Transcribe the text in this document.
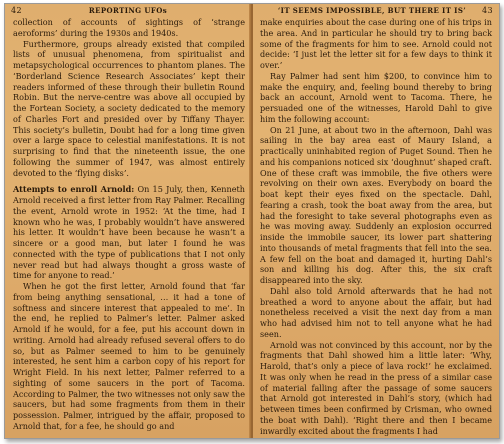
42	REPORTING UFOs

collection of accounts of sightings of ‘strange aeroforms’ during the 1930s and 1940s.

Furthermore, groups already existed that compiled lists of unusual phenomena, from spiritualist and metapsychological occurrences to phantom planes. The ‘Borderland Science Research Associates’ kept their readers informed of these through their bulletin Round Robin. But the nerve-centre was above all occupied by the Fortean Society, a society dedicated to the memory of Charles Fort and presided over by Tiffany Thayer. This society’s bulletin, Doubt had for a long time given over a large space to celestial manifestations. It is not surprising to find that the nineteenth issue, the one following the summer of 1947, was almost entirely devoted to the ‘flying disks’.

Attempts to enroll Arnold: On 15 July, then, Kenneth Arnold received a first letter from Ray Palmer. Recalling the event, Arnold wrote in 1952: ‘At the time, had I known who he was, I probably wouldn’t have answered his letter. It wouldn’t have been because he wasn’t a sincere or a good man, but later I found he was connected with the type of publications that I not only never read but had always thought a gross waste of time for anyone to read.’

When he got the first letter, Arnold found that ‘far from being anything sensational, … it had a tone of softness and sincere interest that appealed to me’. In the end, he replied to Palmer’s letter. Palmer asked Arnold if he would, for a fee, put his account down in writing. Arnold had already refused several offers to do so, but as Palmer seemed to him to be genuinely interested, he sent him a carbon copy of his report for Wright Field. In his next letter, Palmer referred to a sighting of some saucers in the port of Tacoma. According to Palmer, the two witnesses not only saw the saucers, but had some fragments from them in their possession. Palmer, intrigued by the affair, proposed to Arnold that, for a fee, he should go and

‘IT SEEMS IMPOSSIBLE, BUT THERE IT IS’	43

make enquiries about the case during one of his trips in the area. And in particular he should try to bring back some of the fragments for him to see. Arnold could not decide: ‘I just let the letter sit for a few days to think it over.’

Ray Palmer had sent him $200, to convince him to make the enquiry, and, feeling bound thereby to bring back an account, Arnold went to Tacoma. There, he persuaded one of the witnesses, Harold Dahl to give him the following account:

On 21 June, at about two in the afternoon, Dahl was sailing in the bay area east of Maury Island, a practically uninhabited region of Puget Sound. Then he and his companions noticed six ‘doughnut’ shaped craft. One of these craft was immobile, the five others were revolving on their own axes. Everybody on board the boat kept their eyes fixed on the spectacle. Dahl, fearing a crash, took the boat away from the area, but had the foresight to take several photographs even as he was moving away. Suddenly an explosion occurred inside the immobile saucer, its lower part shattering into thousands of metal fragments that fell into the sea. A few fell on the boat and damaged it, hurting Dahl’s son and killing his dog. After this, the six craft disappeared into the sky.

Dahl also told Arnold afterwards that he had not breathed a word to anyone about the affair, but had nonetheless received a visit the next day from a man who had advised him not to tell anyone what he had seen.

Arnold was not convinced by this account, nor by the fragments that Dahl showed him a little later: ‘Why, Harold, that’s only a piece of lava rock!’ he exclaimed. It was only when he read in the press of a similar case of material falling after the passage of some saucers that Arnold got interested in Dahl’s story, (which had between times been confirmed by Crisman, who owned the boat with Dahl). ‘Right there and then I became inwardly excited about the fragments I had
